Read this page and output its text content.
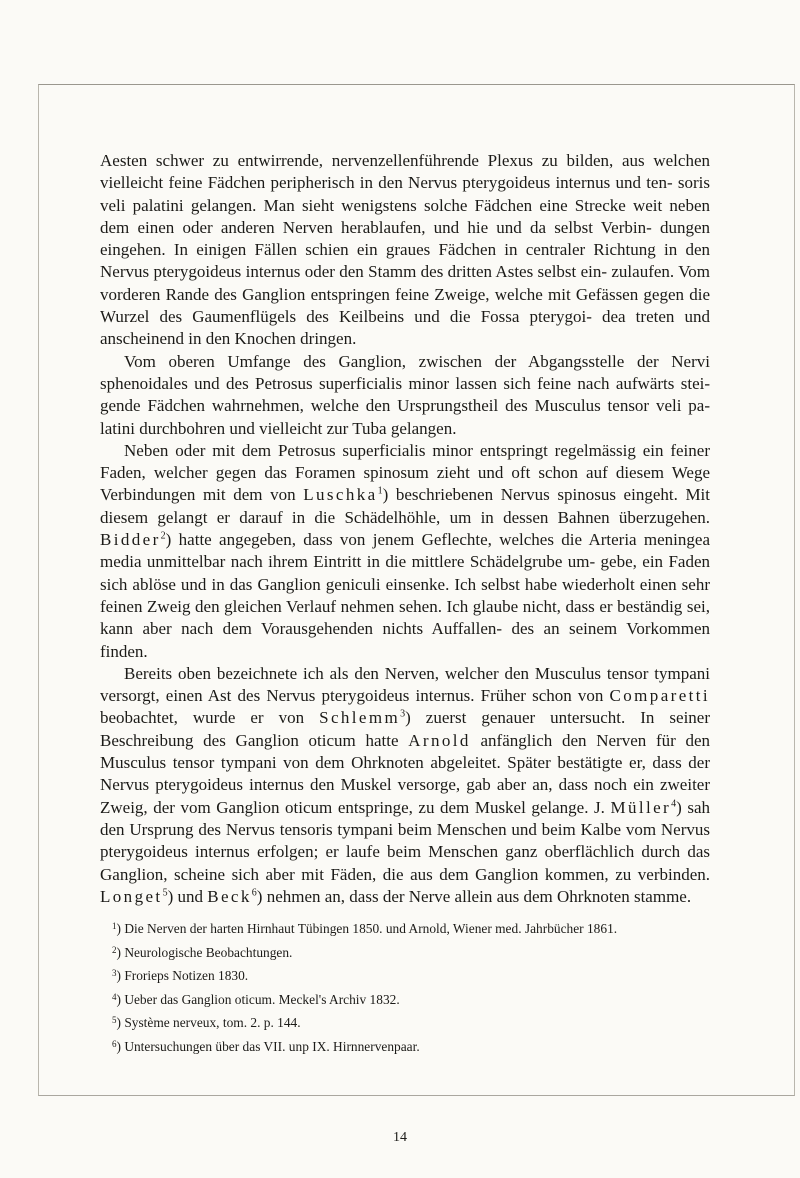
Aesten schwer zu entwirrende, nervenzellenführende Plexus zu bilden, aus welchen vielleicht feine Fädchen peripherisch in den Nervus pterygoideus internus und ten- soris veli palatini gelangen. Man sieht wenigstens solche Fädchen eine Strecke weit neben dem einen oder anderen Nerven herablaufen, und hie und da selbst Verbin- dungen eingehen. In einigen Fällen schien ein graues Fädchen in centraler Richtung in den Nervus pterygoideus internus oder den Stamm des dritten Astes selbst ein- zulaufen. Vom vorderen Rande des Ganglion entspringen feine Zweige, welche mit Gefässen gegen die Wurzel des Gaumenflügels des Keilbeins und die Fossa pterygoi- dea treten und anscheinend in den Knochen dringen.

Vom oberen Umfange des Ganglion, zwischen der Abgangsstelle der Nervi sphenoidales und des Petrosus superficialis minor lassen sich feine nach aufwärts stei- gende Fädchen wahrnehmen, welche den Ursprungstheil des Musculus tensor veli pa- latini durchbohren und vielleicht zur Tuba gelangen.

Neben oder mit dem Petrosus superficialis minor entspringt regelmässig ein feiner Faden, welcher gegen das Foramen spinosum zieht und oft schon auf diesem Wege Verbindungen mit dem von Luschka$^1$) beschriebenen Nervus spinosus eingeht. Mit diesem gelangt er darauf in die Schädelhöhle, um in dessen Bahnen überzugehen. Bidder$^2$) hatte angegeben, dass von jenem Geflechte, welches die Arteria meningea media unmittelbar nach ihrem Eintritt in die mittlere Schädelgrube um- gebe, ein Faden sich ablöse und in das Ganglion geniculi einsenke. Ich selbst habe wiederholt einen sehr feinen Zweig den gleichen Verlauf nehmen sehen. Ich glaube nicht, dass er beständig sei, kann aber nach dem Vorausgehenden nichts Auffallen- des an seinem Vorkommen finden.

Bereits oben bezeichnete ich als den Nerven, welcher den Musculus tensor tympani versorgt, einen Ast des Nervus pterygoideus internus. Früher schon von Comparetti beobachtet, wurde er von Schlemm$^3$) zuerst genauer untersucht. In seiner Beschreibung des Ganglion oticum hatte Arnold anfänglich den Nerven für den Musculus tensor tympani von dem Ohrknoten abgeleitet. Später bestätigte er, dass der Nervus pterygoideus internus den Muskel versorge, gab aber an, dass noch ein zweiter Zweig, der vom Ganglion oticum entspringe, zu dem Muskel gelange. J. Müller$^4$) sah den Ursprung des Nervus tensoris tympani beim Menschen und beim Kalbe vom Nervus pterygoideus internus erfolgen; er laufe beim Menschen ganz oberflächlich durch das Ganglion, scheine sich aber mit Fäden, die aus dem Ganglion kommen, zu verbinden. Longet$^5$) und Beck$^6$) nehmen an, dass der Nerve allein aus dem Ohrknoten stamme.

$^1$) Die Nerven der harten Hirnhaut Tübingen 1850. und Arnold, Wiener med. Jahrbücher 1861.

$^2$) Neurologische Beobachtungen.

$^3$) Frorieps Notizen 1830.

$^4$) Ueber das Ganglion oticum. Meckel's Archiv 1832.

$^5$) Système nerveux, tom. 2. p. 144.

$^6$) Untersuchungen über das VII. unp IX. Hirnnervenpaar.

14
